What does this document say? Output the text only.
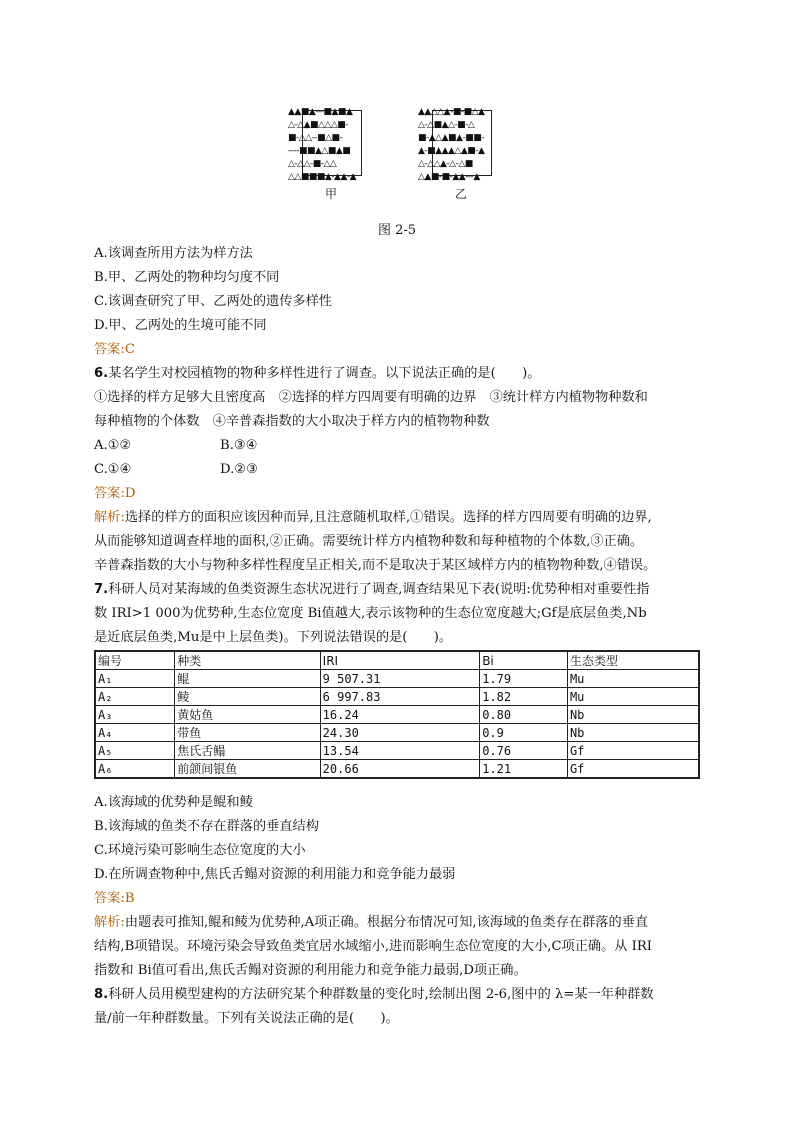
▲▲■▲---■▲■▲
△-△▲■△△△■-
■-△△--■△■-
----■■▲△■▲■
△-△△-■-△△
△△■■■▲-▲▲-▲
甲
▲▲△△▲-■-■△▲
△-△■▲△-■-△
■-▲△▲■▲-■■-
▲-■▲▲▲△▲■-▲
△-△△▲-△-△■
△▲■-■-▲▲---▲
乙
图 2-5
A.该调查所用方法为样方法
B.甲、乙两处的物种均匀度不同
C.该调查研究了甲、乙两处的遗传多样性
D.甲、乙两处的生境可能不同
答案:C
6.某名学生对校园植物的物种多样性进行了调查。以下说法正确的是(　　)。
①选择的样方足够大且密度高　②选择的样方四周要有明确的边界　③统计样方内植物物种数和
每种植物的个体数　④辛普森指数的大小取决于样方内的植物物种数
A.①②	B.③④
C.①④	D.②③
答案:D
解析:选择的样方的面积应该因种而异,且注意随机取样,①错误。选择的样方四周要有明确的边界,
从而能够知道调查样地的面积,②正确。需要统计样方内植物种数和每种植物的个体数,③正确。
辛普森指数的大小与物种多样性程度呈正相关,而不是取决于某区域样方内的植物物种数,④错误。
7.科研人员对某海域的鱼类资源生态状况进行了调查,调查结果见下表(说明:优势种相对重要性指
数 IRI>1 000为优势种,生态位宽度 Bi值越大,表示该物种的生态位宽度越大;Gf是底层鱼类,Nb
是近底层鱼类,Mu是中上层鱼类)。下列说法错误的是(　　)。
编号	种类	IRI	Bi	生态类型
A₁	鲲	9 507.31	1.79	Mu
A₂	鲮	6 997.83	1.82	Mu
A₃	黄姑鱼	16.24	0.80	Nb
A₄	带鱼	24.30	0.9	Nb
A₅	焦氏舌鳎	13.54	0.76	Gf
A₆	前颌间银鱼	20.66	1.21	Gf
A.该海域的优势种是鲲和鲮
B.该海域的鱼类不存在群落的垂直结构
C.环境污染可影响生态位宽度的大小
D.在所调查物种中,焦氏舌鳎对资源的利用能力和竞争能力最弱
答案:B
解析:由题表可推知,鲲和鲮为优势种,A项正确。根据分布情况可知,该海域的鱼类存在群落的垂直
结构,B项错误。环境污染会导致鱼类宜居水域缩小,进而影响生态位宽度的大小,C项正确。从 IRI
指数和 Bi值可看出,焦氏舌鳎对资源的利用能力和竞争能力最弱,D项正确。
8.科研人员用模型建构的方法研究某个种群数量的变化时,绘制出图 2-6,图中的 λ=某一年种群数
量/前一年种群数量。下列有关说法正确的是(　　)。
